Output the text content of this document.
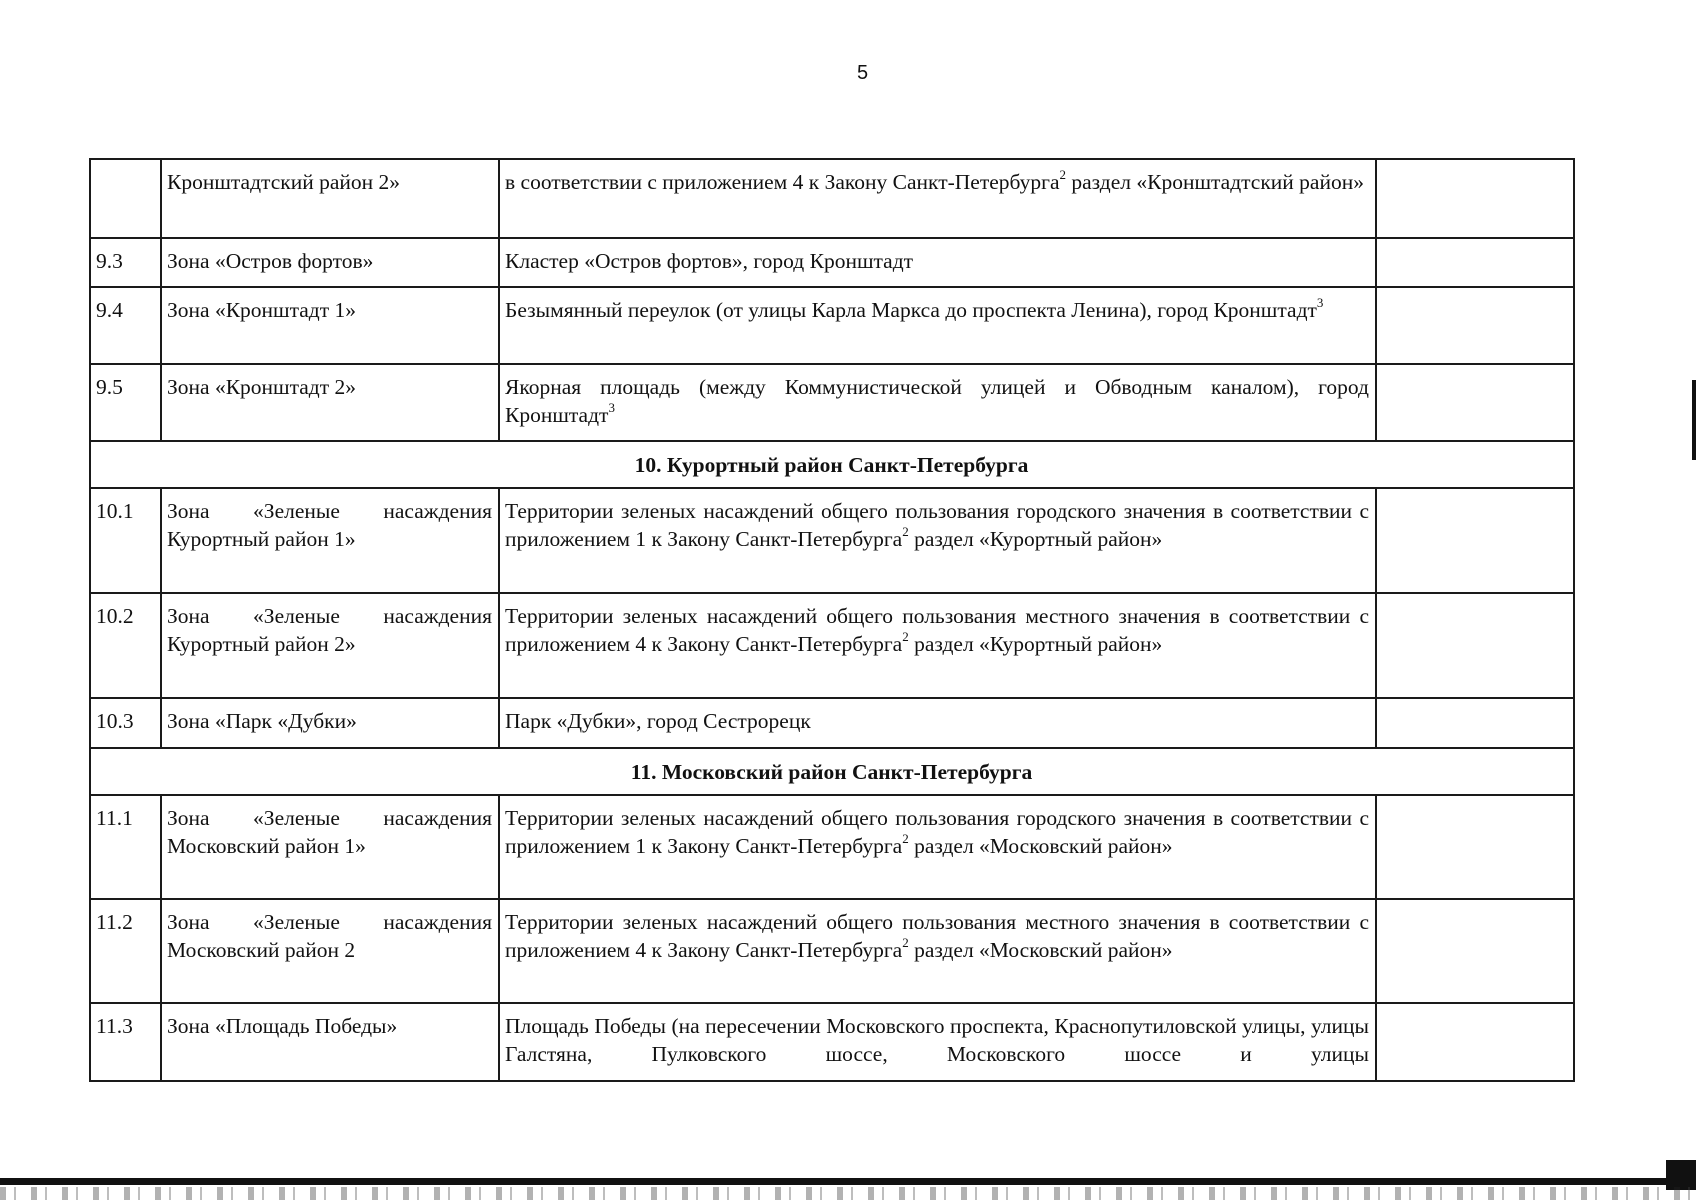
5
	Кронштадтский район 2»	в соответствии с приложением 4 к Закону Санкт-Петербурга$^2$ раздел «Кронштадтский район»	
9.3	Зона «Остров фортов»	Кластер «Остров фортов», город Кронштадт	
9.4	Зона «Кронштадт 1»	Безымянный переулок (от улицы Карла Маркса до проспекта Ленина), город Кронштадт$^3$	
9.5	Зона «Кронштадт 2»	Якорная площадь (между Коммунистической улицей и Обводным каналом), город Кронштадт$^3$	
10. Курортный район Санкт-Петербурга			
10.1	Зона «Зеленые насаждения Курортный район 1»	Территории зеленых насаждений общего пользования городского значения в соответствии с приложением 1 к Закону Санкт-Петербурга$^2$ раздел «Курортный район»	
10.2	Зона «Зеленые насаждения Курортный район 2»	Территории зеленых насаждений общего пользования местного значения в соответствии с приложением 4 к Закону Санкт-Петербурга$^2$ раздел «Курортный район»	
10.3	Зона «Парк «Дубки»	Парк «Дубки», город Сестрорецк	
11. Московский район Санкт-Петербурга			
11.1	Зона «Зеленые насаждения Московский район 1»	Территории зеленых насаждений общего пользования городского значения в соответствии с приложением 1 к Закону Санкт-Петербурга$^2$ раздел «Московский район»	
11.2	Зона «Зеленые насаждения Московский район 2	Территории зеленых насаждений общего пользования местного значения в соответствии с приложением 4 к Закону Санкт-Петербурга$^2$ раздел «Московский район»	
11.3	Зона «Площадь Победы»	Площадь Победы (на пересечении Московского проспекта, Краснопутиловской улицы, улицы Галстяна, Пулковского шоссе, Московского шоссе и улицы	
